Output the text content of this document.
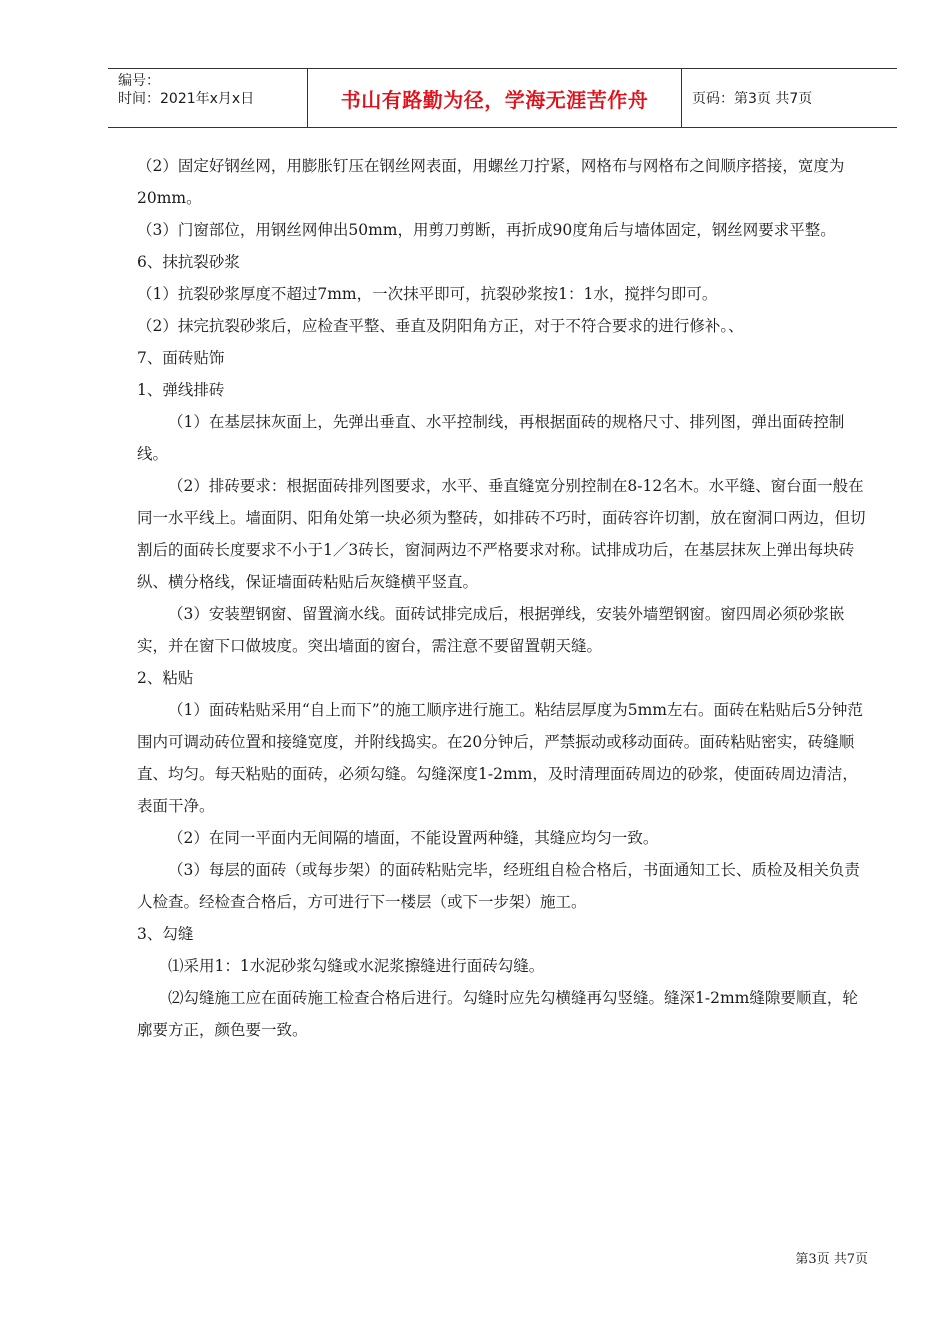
编号：
时间：2021年x月x日	书山有路勤为径，学海无涯苦作舟	页码：第3页 共7页

（2）固定好钢丝网，用膨胀钉压在钢丝网表面，用螺丝刀拧紧，网格布与网格布之间顺序搭接，宽度为20mm。

（3）门窗部位，用钢丝网伸出50mm，用剪刀剪断，再折成90度角后与墙体固定，钢丝网要求平整。

6、抹抗裂砂浆

（1）抗裂砂浆厚度不超过7mm，一次抹平即可，抗裂砂浆按1：1水，搅拌匀即可。

（2）抹完抗裂砂浆后，应检查平整、垂直及阴阳角方正，对于不符合要求的进行修补。、

7、面砖贴饰

1、弹线排砖

（1）在基层抹灰面上，先弹出垂直、水平控制线，再根据面砖的规格尺寸、排列图，弹出面砖控制线。

（2）排砖要求：根据面砖排列图要求，水平、垂直缝宽分别控制在8-12名木。水平缝、窗台面一般在同一水平线上。墙面阴、阳角处第一块必须为整砖，如排砖不巧时，面砖容许切割，放在窗洞口两边，但切割后的面砖长度要求不小于1／3砖长，窗洞两边不严格要求对称。试排成功后，在基层抹灰上弹出每块砖纵、横分格线，保证墙面砖粘贴后灰缝横平竖直。

（3）安装塑钢窗、留置滴水线。面砖试排完成后，根据弹线，安装外墙塑钢窗。窗四周必须砂浆嵌实，并在窗下口做坡度。突出墙面的窗台，需注意不要留置朝天缝。

2、粘贴

（1）面砖粘贴采用“自上而下”的施工顺序进行施工。粘结层厚度为5mm左右。面砖在粘贴后5分钟范围内可调动砖位置和接缝宽度，并附线捣实。在20分钟后，严禁振动或移动面砖。面砖粘贴密实，砖缝顺直、均匀。每天粘贴的面砖，必须勾缝。勾缝深度1-2mm，及时清理面砖周边的砂浆，使面砖周边清洁，表面干净。

（2）在同一平面内无间隔的墙面，不能设置两种缝，其缝应均匀一致。

（3）每层的面砖（或每步架）的面砖粘贴完毕，经班组自检合格后，书面通知工长、质检及相关负责人检查。经检查合格后，方可进行下一楼层（或下一步架）施工。

3、勾缝

⑴采用1：1水泥砂浆勾缝或水泥浆擦缝进行面砖勾缝。

⑵勾缝施工应在面砖施工检查合格后进行。勾缝时应先勾横缝再勾竖缝。缝深1-2mm缝隙要顺直，轮廓要方正，颜色要一致。

第3页 共7页
